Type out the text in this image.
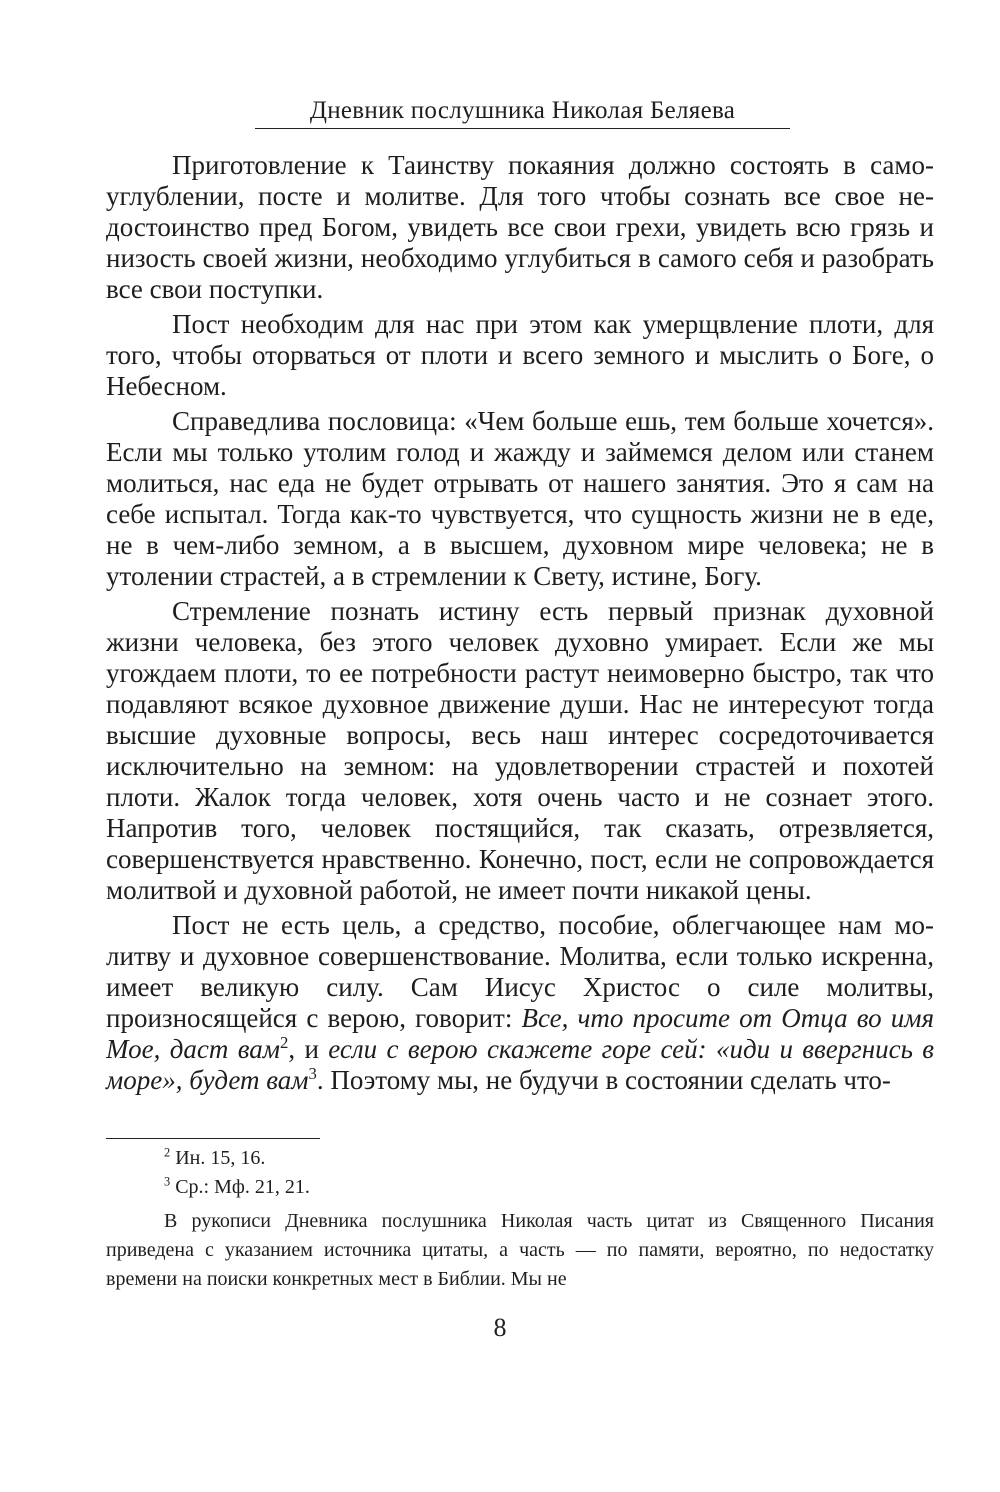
Дневник послушника Николая Беляева

Приготовление к Таинству покаяния должно состоять в самоуглублении, посте и молитве. Для того чтобы сознать все свое недостоинство пред Богом, увидеть все свои грехи, увидеть всю грязь и низость своей жизни, необходимо углубиться в самого себя и разобрать все свои поступки.

Пост необходим для нас при этом как умерщвление плоти, для того, чтобы оторваться от плоти и всего земного и мыслить о Боге, о Небесном.

Справедлива пословица: «Чем больше ешь, тем больше хочется». Если мы только утолим голод и жажду и займемся делом или станем молиться, нас еда не будет отрывать от нашего занятия. Это я сам на себе испытал. Тогда как-то чувствуется, что сущность жизни не в еде, не в чем-либо земном, а в высшем, духовном мире человека; не в утолении страстей, а в стремлении к Свету, истине, Богу.

Стремление познать истину есть первый признак духовной жизни человека, без этого человек духовно умирает. Если же мы угождаем плоти, то ее потребности растут неимоверно быстро, так что подавляют всякое духовное движение души. Нас не интересуют тогда высшие духовные вопросы, весь наш интерес сосредоточивается исключительно на земном: на удовлетворении страстей и похотей плоти. Жалок тогда человек, хотя очень часто и не сознает этого. Напротив того, человек постящийся, так сказать, отрезвляется, совершенствуется нравственно. Конечно, пост, если не сопровождается молитвой и духовной работой, не имеет почти никакой цены.

Пост не есть цель, а средство, пособие, облегчающее нам молитву и духовное совершенствование. Молитва, если только искренна, имеет великую силу. Сам Иисус Христос о силе молитвы, произносящейся с верою, говорит: Все, что просите от Отца во имя Мое, даст вам$^2$, и если с верою скажете горе сей: «иди и ввергнись в море», будет вам$^3$. Поэтому мы, не будучи в состоянии сделать что-

$^2$ Ин. 15, 16.

$^3$ Ср.: Мф. 21, 21.

В рукописи Дневника послушника Николая часть цитат из Священного Писания приведена с указанием источника цитаты, а часть — по памяти, вероятно, по недостатку времени на поиски конкретных мест в Библии. Мы не

8
